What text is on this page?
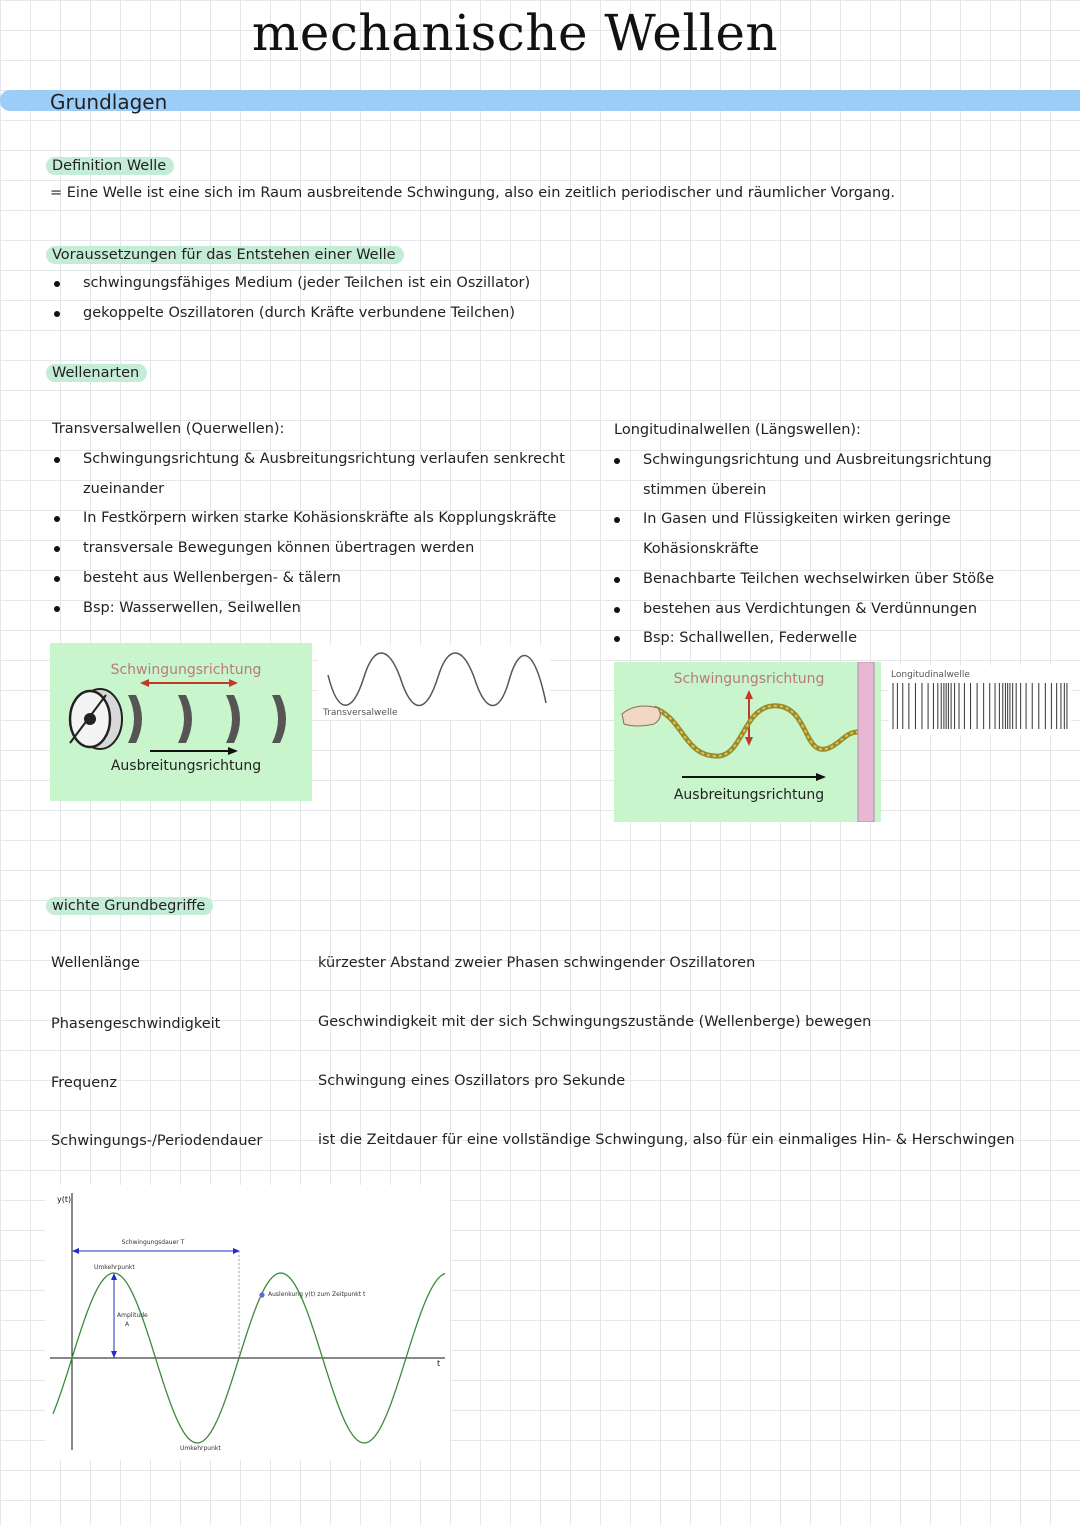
mechanische Wellen
Grundlagen
Definition Welle
= Eine Welle ist eine sich im Raum ausbreitende Schwingung, also ein zeitlich periodischer und räumlicher Vorgang.
Voraussetzungen für das Entstehen einer Welle
schwingungsfähiges Medium (jeder Teilchen ist ein Oszillator)
gekoppelte Oszillatoren (durch Kräfte verbundene Teilchen)
Wellenarten
Transversalwellen (Querwellen):
Schwingungsrichtung & Ausbreitungsrichtung verlaufen senkrecht
zueinander
In Festkörpern wirken starke Kohäsionskräfte als Kopplungskräfte
transversale Bewegungen können übertragen werden
besteht aus Wellenbergen- & tälern
Bsp: Wasserwellen, Seilwellen
Longitudinalwellen (Längswellen):
Schwingungsrichtung und Ausbreitungsrichtung
stimmen überein
In Gasen und Flüssigkeiten wirken geringe
Kohäsionskräfte
Benachbarte Teilchen wechselwirken über Stöße
bestehen aus Verdichtungen & Verdünnungen
Bsp: Schallwellen, Federwelle
Schwingungsrichtung
Ausbreitungsrichtung
Transversalwelle
Schwingungsrichtung
Ausbreitungsrichtung
Longitudinalwelle
wichte Grundbegriffe
Wellenlänge	kürzester Abstand zweier Phasen schwingender Oszillatoren
Phasengeschwindigkeit	Geschwindigkeit mit der sich Schwingungszustände (Wellenberge) bewegen
Frequenz	Schwingung eines Oszillators pro Sekunde
Schwingungs-/Periodendauer	ist die Zeitdauer für eine vollständige Schwingung, also für ein einmaliges Hin- & Herschwingen
y(t)
t
Schwingungsdauer T
Umkehrpunkt
Amplitude
A
Umkehrpunkt
Auslenkung y(t) zum Zeitpunkt t
